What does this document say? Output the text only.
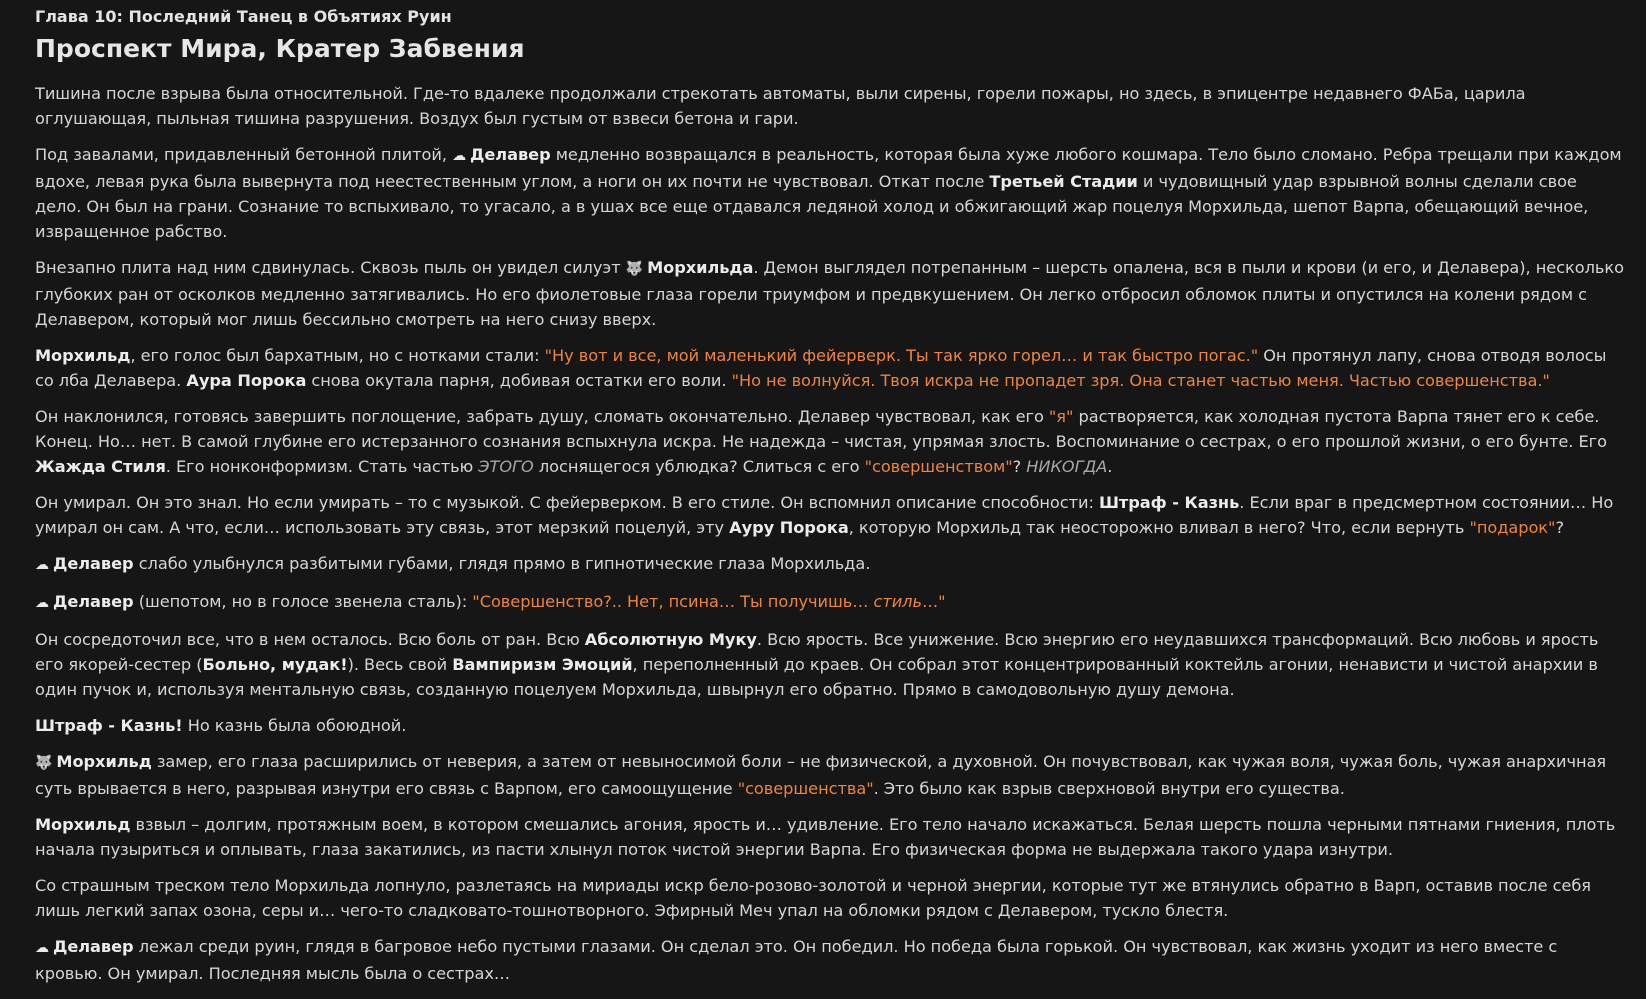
Глава 10: Последний Танец в Объятиях Руин
Проспект Мира, Кратер Забвения

Тишина после взрыва была относительной. Где-то вдалеке продолжали стрекотать автоматы, выли сирены, горели пожары, но здесь, в эпицентре недавнего ФАБа, царила оглушающая, пыльная тишина разрушения. Воздух был густым от взвеси бетона и гари.

Под завалами, придавленный бетонной плитой, ☁ Делавер медленно возвращался в реальность, которая была хуже любого кошмара. Тело было сломано. Ребра трещали при каждом вдохе, левая рука была вывернута под неестественным углом, а ноги он их почти не чувствовал. Откат после Третьей Стадии и чудовищный удар взрывной волны сделали свое дело. Он был на грани. Сознание то вспыхивало, то угасало, а в ушах все еще отдавался ледяной холод и обжигающий жар поцелуя Морхильда, шепот Варпа, обещающий вечное, извращенное рабство.

Внезапно плита над ним сдвинулась. Сквозь пыль он увидел силуэт 🐺 Морхильда. Демон выглядел потрепанным – шерсть опалена, вся в пыли и крови (и его, и Делавера), несколько глубоких ран от осколков медленно затягивались. Но его фиолетовые глаза горели триумфом и предвкушением. Он легко отбросил обломок плиты и опустился на колени рядом с Делавером, который мог лишь бессильно смотреть на него снизу вверх.

Морхильд, его голос был бархатным, но с нотками стали: "Ну вот и все, мой маленький фейерверк. Ты так ярко горел… и так быстро погас." Он протянул лапу, снова отводя волосы со лба Делавера. Аура Порока снова окутала парня, добивая остатки его воли. "Но не волнуйся. Твоя искра не пропадет зря. Она станет частью меня. Частью совершенства."

Он наклонился, готовясь завершить поглощение, забрать душу, сломать окончательно. Делавер чувствовал, как его "я" растворяется, как холодная пустота Варпа тянет его к себе. Конец. Но… нет. В самой глубине его истерзанного сознания вспыхнула искра. Не надежда – чистая, упрямая злость. Воспоминание о сестрах, о его прошлой жизни, о его бунте. Его Жажда Стиля. Его нонконформизм. Стать частью ЭТОГО лоснящегося ублюдка? Слиться с его "совершенством"? НИКОГДА.

Он умирал. Он это знал. Но если умирать – то с музыкой. С фейерверком. В его стиле. Он вспомнил описание способности: Штраф - Казнь. Если враг в предсмертном состоянии… Но умирал он сам. А что, если… использовать эту связь, этот мерзкий поцелуй, эту Ауру Порока, которую Морхильд так неосторожно вливал в него? Что, если вернуть "подарок"?

☁ Делавер слабо улыбнулся разбитыми губами, глядя прямо в гипнотические глаза Морхильда.

☁ Делавер (шепотом, но в голосе звенела сталь): "Совершенство?.. Нет, псина… Ты получишь… стиль…"

Он сосредоточил все, что в нем осталось. Всю боль от ран. Всю Абсолютную Муку. Всю ярость. Все унижение. Всю энергию его неудавшихся трансформаций. Всю любовь и ярость его якорей-сестер (Больно, мудак!). Весь свой Вампиризм Эмоций, переполненный до краев. Он собрал этот концентрированный коктейль агонии, ненависти и чистой анархии в один пучок и, используя ментальную связь, созданную поцелуем Морхильда, швырнул его обратно. Прямо в самодовольную душу демона.

Штраф - Казнь! Но казнь была обоюдной.

🐺 Морхильд замер, его глаза расширились от неверия, а затем от невыносимой боли – не физической, а духовной. Он почувствовал, как чужая воля, чужая боль, чужая анархичная суть врывается в него, разрывая изнутри его связь с Варпом, его самоощущение "совершенства". Это было как взрыв сверхновой внутри его существа.

Морхильд взвыл – долгим, протяжным воем, в котором смешались агония, ярость и… удивление. Его тело начало искажаться. Белая шерсть пошла черными пятнами гниения, плоть начала пузыриться и оплывать, глаза закатились, из пасти хлынул поток чистой энергии Варпа. Его физическая форма не выдержала такого удара изнутри.

Со страшным треском тело Морхильда лопнуло, разлетаясь на мириады искр бело-розово-золотой и черной энергии, которые тут же втянулись обратно в Варп, оставив после себя лишь легкий запах озона, серы и… чего-то сладковато-тошнотворного. Эфирный Меч упал на обломки рядом с Делавером, тускло блестя.

☁ Делавер лежал среди руин, глядя в багровое небо пустыми глазами. Он сделал это. Он победил. Но победа была горькой. Он чувствовал, как жизнь уходит из него вместе с кровью. Он умирал. Последняя мысль была о сестрах…
